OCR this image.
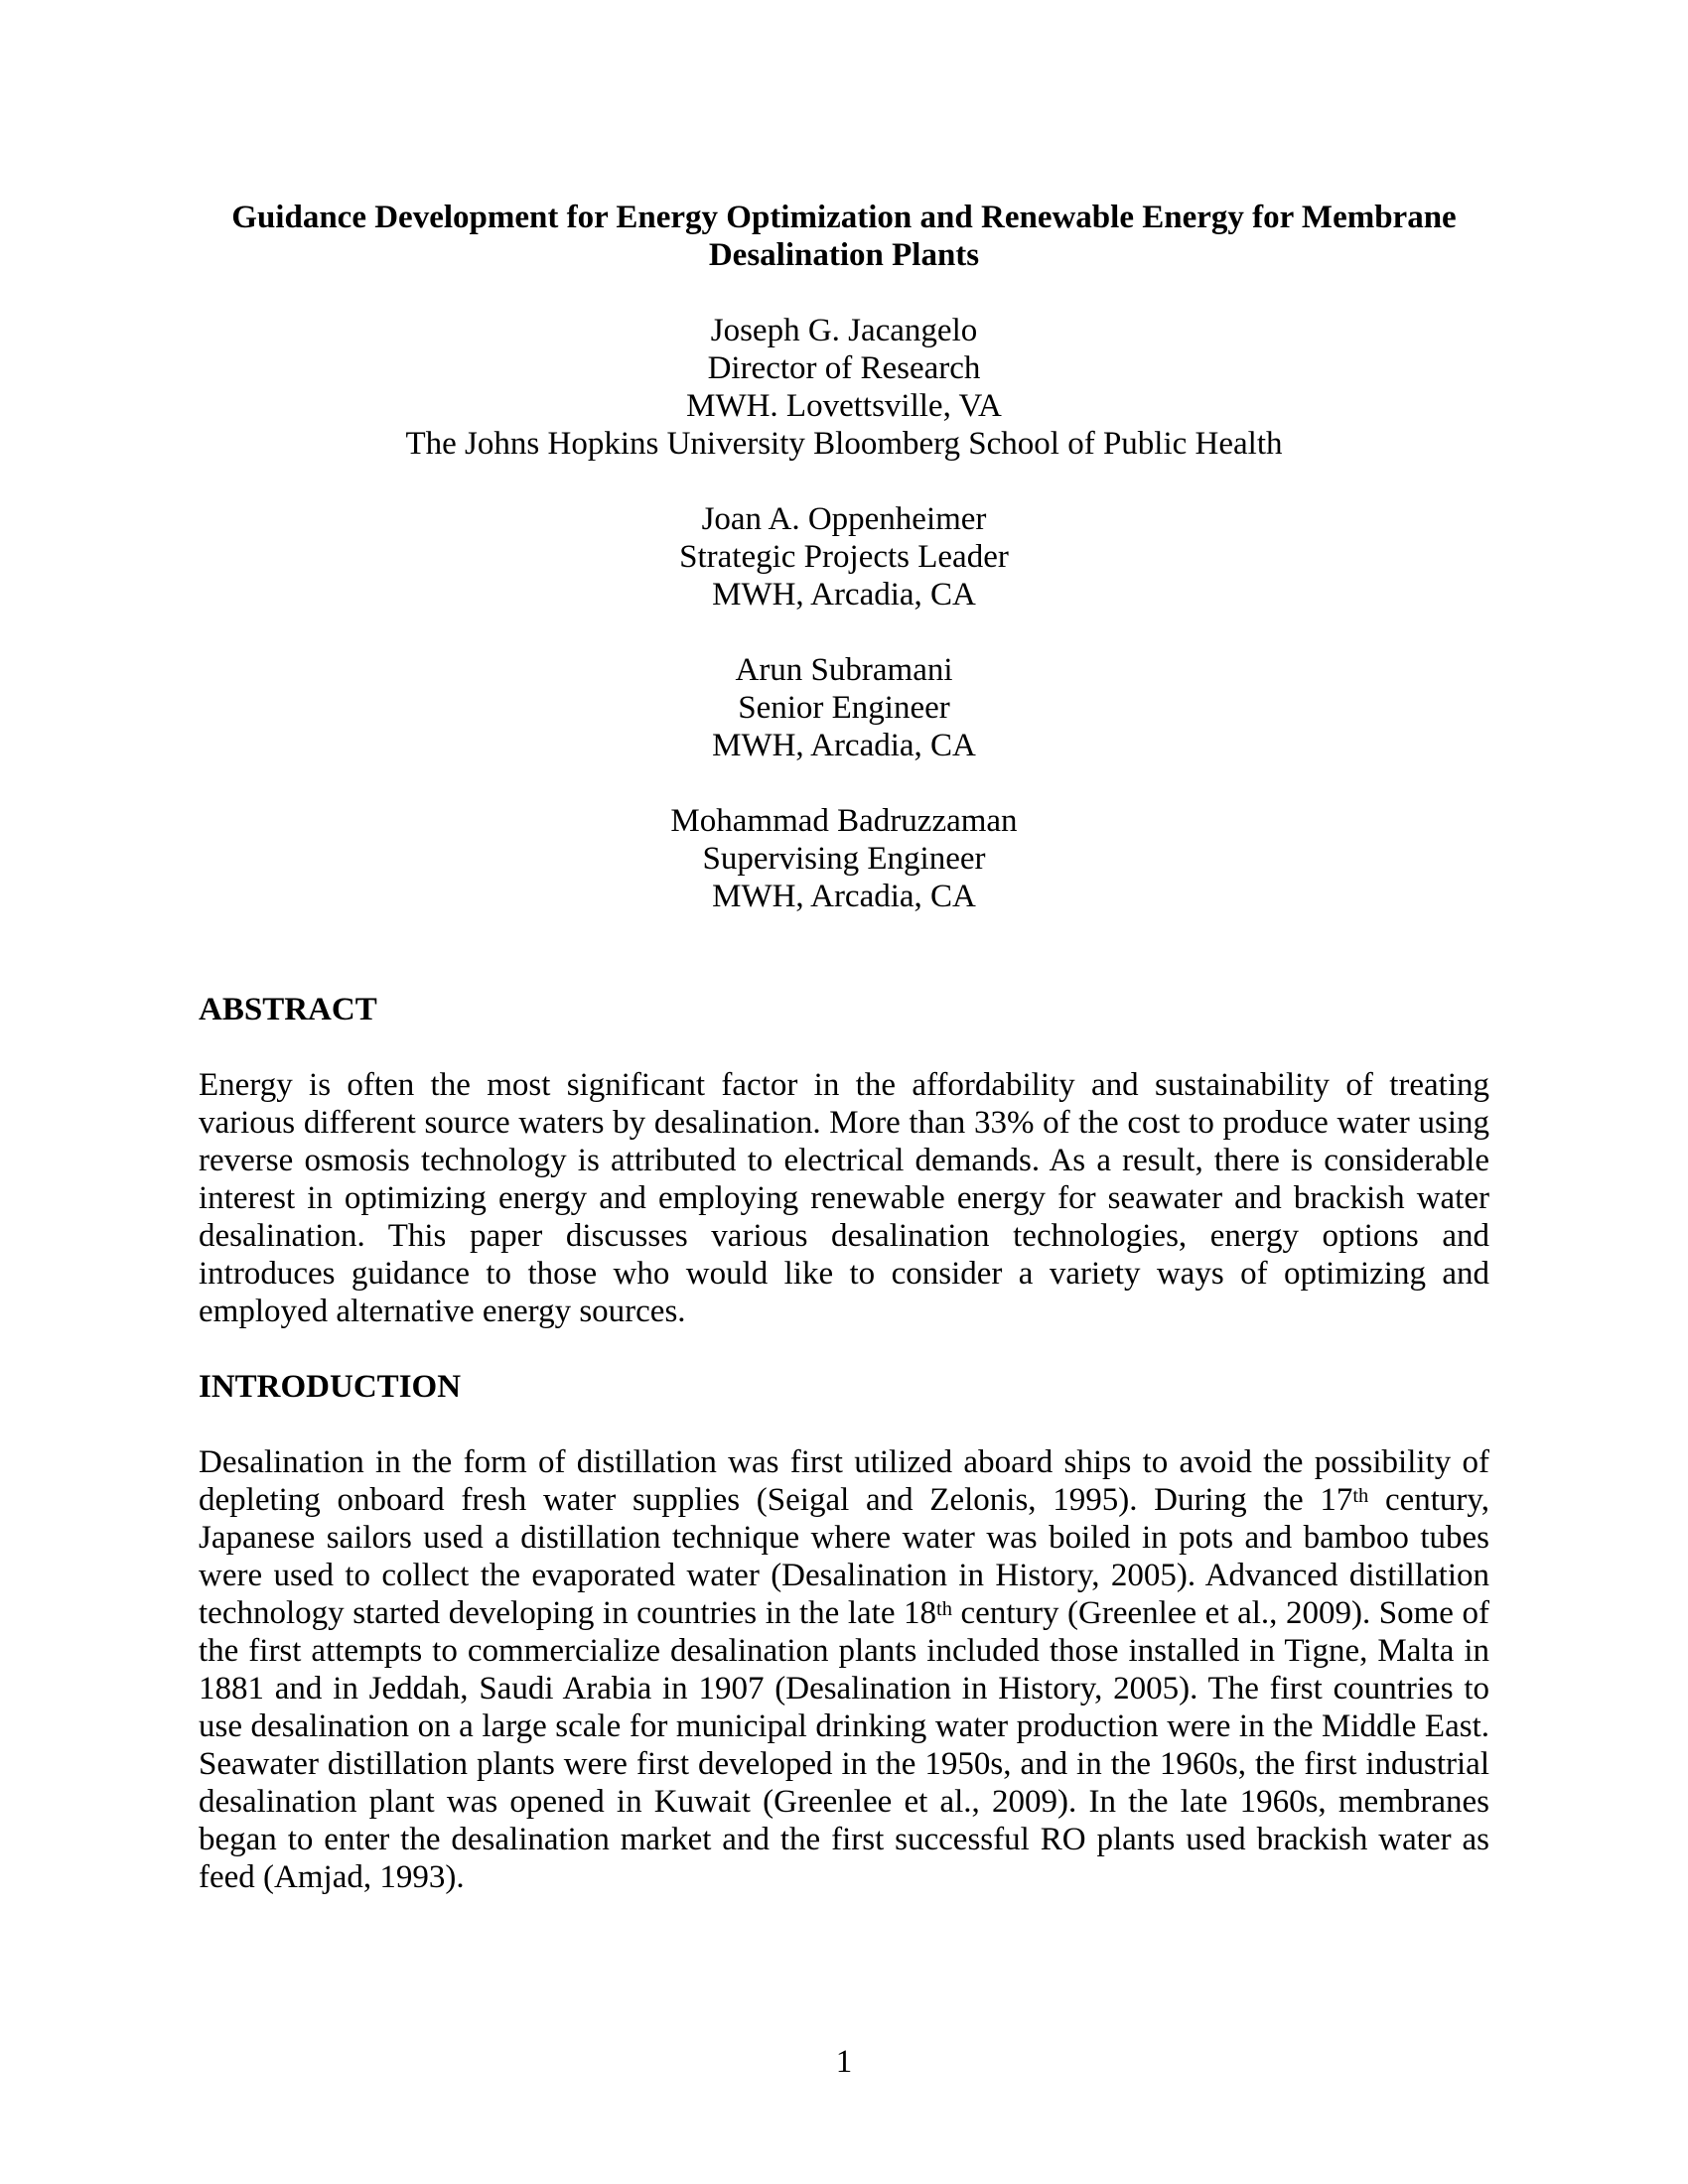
Guidance Development for Energy Optimization and Renewable Energy for Membrane
Desalination Plants
Joseph G. Jacangelo
Director of Research
MWH. Lovettsville, VA
The Johns Hopkins University Bloomberg School of Public Health
Joan A. Oppenheimer
Strategic Projects Leader
MWH, Arcadia, CA
Arun Subramani
Senior Engineer
MWH, Arcadia, CA
Mohammad Badruzzaman
Supervising Engineer
MWH, Arcadia, CA
ABSTRACT

Energy is often the most significant factor in the affordability and sustainability of treating various different source waters by desalination. More than 33% of the cost to produce water using reverse osmosis technology is attributed to electrical demands. As a result, there is considerable interest in optimizing energy and employing renewable energy for seawater and brackish water desalination. This paper discusses various desalination technologies, energy options and introduces guidance to those who would like to consider a variety ways of optimizing and employed alternative energy sources.

INTRODUCTION

Desalination in the form of distillation was first utilized aboard ships to avoid the possibility of depleting onboard fresh water supplies (Seigal and Zelonis, 1995). During the 17th century, Japanese sailors used a distillation technique where water was boiled in pots and bamboo tubes were used to collect the evaporated water (Desalination in History, 2005). Advanced distillation technology started developing in countries in the late 18th century (Greenlee et al., 2009). Some of the first attempts to commercialize desalination plants included those installed in Tigne, Malta in 1881 and in Jeddah, Saudi Arabia in 1907 (Desalination in History, 2005). The first countries to use desalination on a large scale for municipal drinking water production were in the Middle East. Seawater distillation plants were first developed in the 1950s, and in the 1960s, the first industrial desalination plant was opened in Kuwait (Greenlee et al., 2009). In the late 1960s, membranes began to enter the desalination market and the first successful RO plants used brackish water as feed (Amjad, 1993).

1
